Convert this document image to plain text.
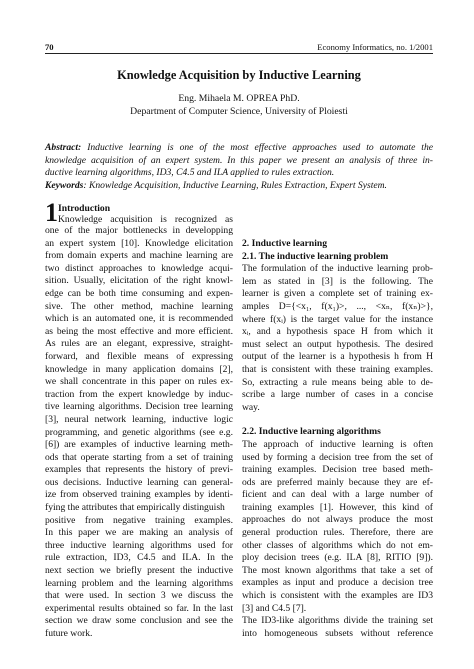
70	Economy Informatics, no. 1/2001
Knowledge Acquisition by Inductive Learning
Eng. Mihaela M. OPREA PhD.
Department of Computer Science, University of Ploiesti
Abstract: Inductive learning is one of the most effective approaches used to automate the
knowledge acquisition of an expert system. In this paper we present an analysis of three in-
ductive learning algorithms, ID3, C4.5 and ILA applied to rules extraction.
Keywords: Knowledge Acquisition, Inductive Learning, Rules Extraction, Expert System.
1 Introduction
Knowledge acquisition is recognized as
one of the major bottlenecks in developping
an expert system [10]. Knowledge elicitation
from domain experts and machine learning are
two distinct approaches to knowledge acqui-
sition. Usually, elicitation of the right knowl-
edge can be both time consuming and expen-
sive. The other method, machine learning
which is an automated one, it is recommended
as being the most effective and more efficient.
As rules are an elegant, expressive, straight-
forward, and flexible means of expressing
knowledge in many application domains [2],
we shall concentrate in this paper on rules ex-
traction from the expert knowledge by induc-
tive learning algorithms. Decision tree learning
[3], neural network learning, inductive logic
programming, and genetic algorithms (see e.g.
[6]) are examples of inductive learning meth-
ods that operate starting from a set of training
examples that represents the history of previ-
ous decisions. Inductive learning can general-
ize from observed training examples by identi-
fying the attributes that empirically distinguish
positive from negative training examples.
In this paper we are making an analysis of
three inductive learning algorithms used for
rule extraction, ID3, C4.5 and ILA. In the
next section we briefly present the inductive
learning problem and the learning algorithms
that were used. In section 3 we discuss the
experimental results obtained so far. In the last
section we draw some conclusion and see the
future work.
2. Inductive learning
2.1. The inductive learning problem
The formulation of the inductive learning prob-
lem as stated in [3] is the following. The
learner is given a complete set of training ex-
amples D={<x₁, f(x₁)>, ..., <xₙ, f(xₙ)>},
where f(xᵢ) is the target value for the instance
xᵢ, and a hypothesis space H from which it
must select an output hypothesis. The desired
output of the learner is a hypothesis h from H
that is consistent with these training examples.
So, extracting a rule means being able to de-
scribe a large number of cases in a concise
way.
2.2. Inductive learning algorithms
The approach of inductive learning is often
used by forming a decision tree from the set of
training examples. Decision tree based meth-
ods are preferred mainly because they are ef-
ficient and can deal with a large number of
training examples [1]. However, this kind of
approaches do not always produce the most
general production rules. Therefore, there are
other classes of algorithms which do not em-
ploy decision trees (e.g. ILA [8], RITIO [9]).
The most known algorithms that take a set of
examples as input and produce a decision tree
which is consistent with the examples are ID3
[3] and C4.5 [7].
The ID3-like algorithms divide the training set
into homogeneous subsets without reference
